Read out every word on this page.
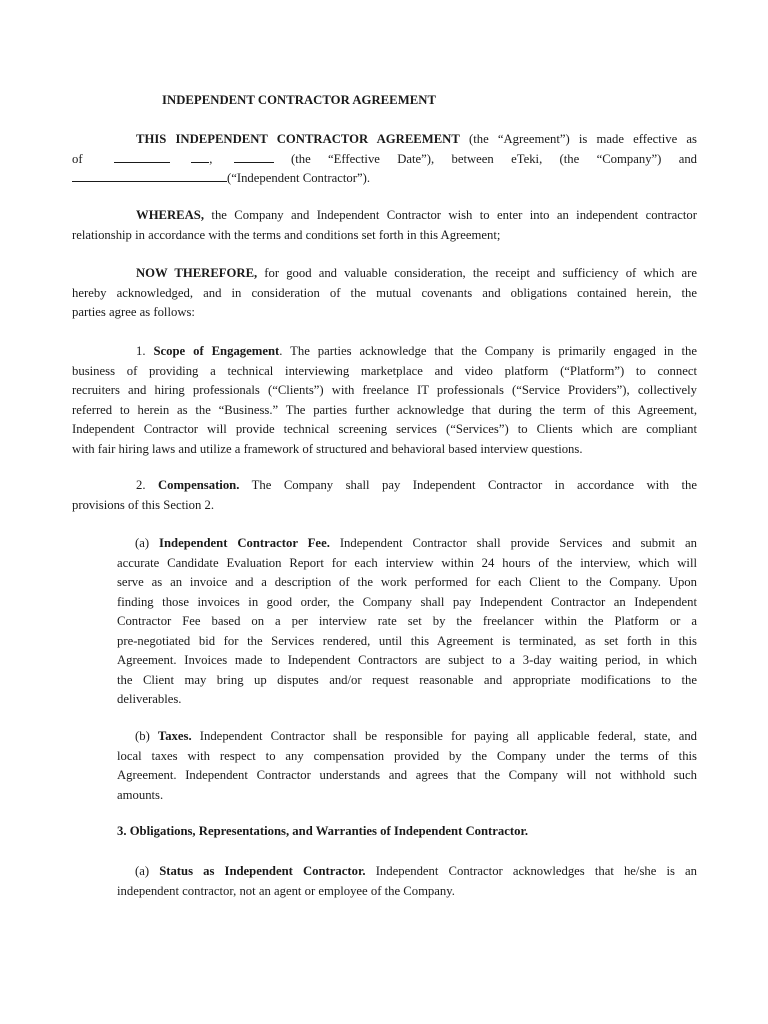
INDEPENDENT CONTRACTOR AGREEMENT
THIS INDEPENDENT CONTRACTOR AGREEMENT (the “Agreement”) is made effective as
of	,	(the “Effective Date”), between eTeki, (the “Company”) and
(“Independent Contractor”).
WHEREAS, the Company and Independent Contractor wish to enter into an independent contractor
relationship in accordance with the terms and conditions set forth in this Agreement;
NOW THEREFORE, for good and valuable consideration, the receipt and sufficiency of which are
hereby acknowledged, and in consideration of the mutual covenants and obligations contained herein, the
parties agree as follows:
1. Scope of Engagement. The parties acknowledge that the Company is primarily engaged in the
business of providing a technical interviewing marketplace and video platform (“Platform”) to connect
recruiters and hiring professionals (“Clients”) with freelance IT professionals (“Service Providers”), collectively
referred to herein as the “Business.” The parties further acknowledge that during the term of this Agreement,
Independent Contractor will provide technical screening services (“Services”) to Clients which are compliant
with fair hiring laws and utilize a framework of structured and behavioral based interview questions.
2. Compensation. The Company shall pay Independent Contractor in accordance with the
provisions of this Section 2.
(a) Independent Contractor Fee. Independent Contractor shall provide Services and submit an
accurate Candidate Evaluation Report for each interview within 24 hours of the interview, which will
serve as an invoice and a description of the work performed for each Client to the Company. Upon
finding those invoices in good order, the Company shall pay Independent Contractor an Independent
Contractor Fee based on a per interview rate set by the freelancer within the Platform or a
pre-negotiated bid for the Services rendered, until this Agreement is terminated, as set forth in this
Agreement. Invoices made to Independent Contractors are subject to a 3-day waiting period, in which
the Client may bring up disputes and/or request reasonable and appropriate modifications to the
deliverables.
(b) Taxes. Independent Contractor shall be responsible for paying all applicable federal, state, and
local taxes with respect to any compensation provided by the Company under the terms of this
Agreement. Independent Contractor understands and agrees that the Company will not withhold such
amounts.
3. Obligations, Representations, and Warranties of Independent Contractor.
(a) Status as Independent Contractor. Independent Contractor acknowledges that he/she is an
independent contractor, not an agent or employee of the Company.
